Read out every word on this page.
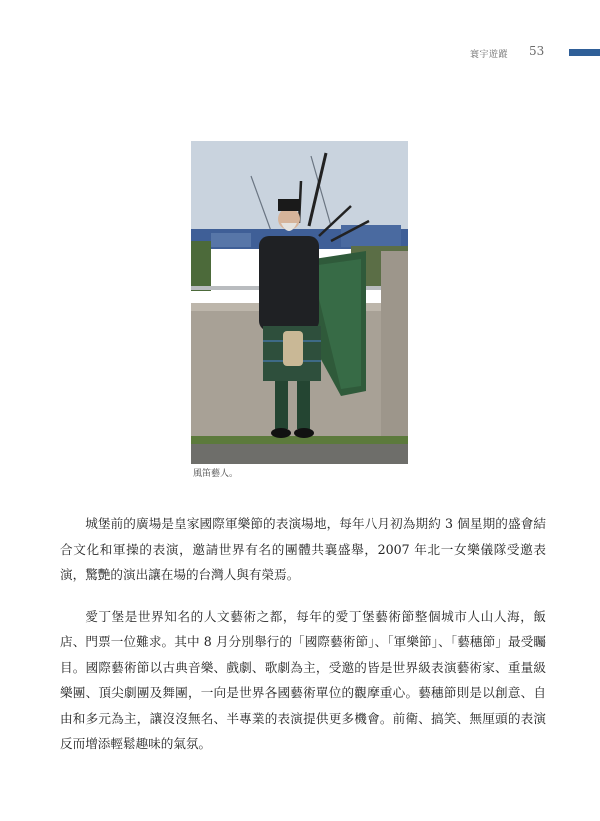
寰宇遊蹤 53
風笛藝人。

城堡前的廣場是皇家國際軍樂節的表演場地，每年八月初為期約 3 個星期的盛會結合文化和軍操的表演，邀請世界有名的團體共襄盛舉，2007 年北一女樂儀隊受邀表演，驚艷的演出讓在場的台灣人與有榮焉。

愛丁堡是世界知名的人文藝術之都，每年的愛丁堡藝術節整個城市人山人海，飯店、門票一位難求。其中 8 月分別舉行的「國際藝術節」、「軍樂節」、「藝穗節」最受矚目。國際藝術節以古典音樂、戲劇、歌劇為主，受邀的皆是世界級表演藝術家、重量級樂團、頂尖劇團及舞團，一向是世界各國藝術單位的觀摩重心。藝穗節則是以創意、自由和多元為主，讓沒沒無名、半專業的表演提供更多機會。前衛、搞笑、無厘頭的表演反而增添輕鬆趣味的氣氛。
